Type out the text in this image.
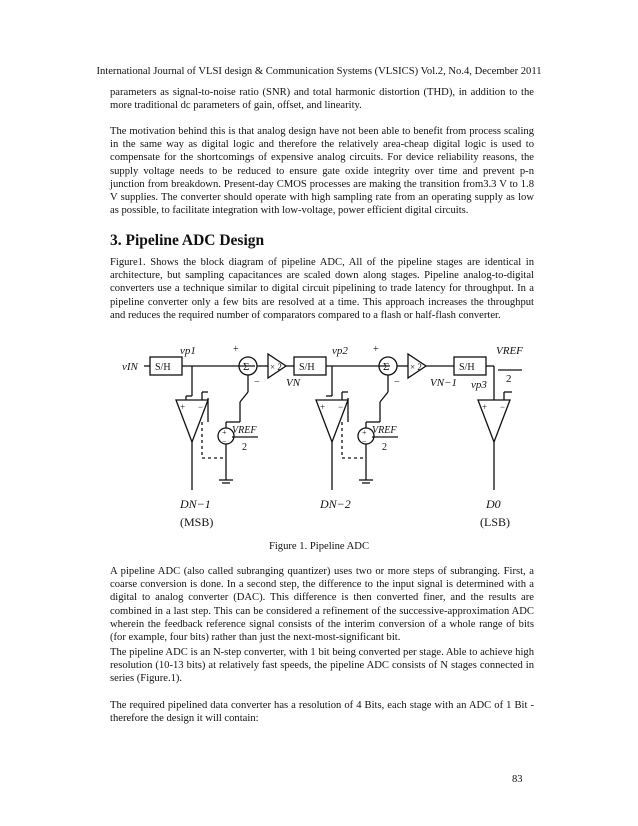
International Journal of VLSI design & Communication Systems (VLSICS) Vol.2, No.4, December 2011

parameters as signal-to-noise ratio (SNR) and total harmonic distortion (THD), in addition to the more traditional dc parameters of gain, offset, and linearity.

The motivation behind this is that analog design have not been able to benefit from process scaling in the same way as digital logic and therefore the relatively area-cheap digital logic is used to compensate for the shortcomings of expensive analog circuits. For device reliability reasons, the supply voltage needs to be reduced to ensure gate oxide integrity over time and prevent p-n junction from breakdown. Present-day CMOS processes are making the transition from3.3 V to 1.8 V supplies. The converter should operate with high sampling rate from an operating supply as low as possible, to facilitate integration with low-voltage, power efficient digital circuits.

3. Pipeline ADC Design

Figure1. Shows the block diagram of pipeline ADC, All of the pipeline stages are identical in architecture, but sampling capacitances are scaled down along stages. Pipeline analog-to-digital converters use a technique similar to digital circuit pipelining to trade latency for throughput. In a pipeline converter only a few bits are resolved at a time. This approach increases the throughput and reduces the required number of comparators compared to a flash or half-flash converter.

vIN S/H	S/H	S/H
vp1	vp2
vp3
Σ	Σ
× 2	× 2
+	+
−	−
+ −	+ −	+ −
+
−
+
−
VN	VN−1
VREF
2
VREF
2
VREF
2
DN−1
(MSB)
DN−2	D0
(LSB)
Figure 1. Pipeline ADC

A pipeline ADC (also called subranging quantizer) uses two or more steps of subranging. First, a coarse conversion is done. In a second step, the difference to the input signal is determined with a digital to analog converter (DAC). This difference is then converted finer, and the results are combined in a last step. This can be considered a refinement of the successive-approximation ADC wherein the feedback reference signal consists of the interim conversion of a whole range of bits (for example, four bits) rather than just the next-most-significant bit.

The pipeline ADC is an N-step converter, with 1 bit being converted per stage. Able to achieve high resolution (10-13 bits) at relatively fast speeds, the pipeline ADC consists of N stages connected in series (Figure.1).

The required pipelined data converter has a resolution of 4 Bits, each stage with an ADC of 1 Bit - therefore the design it will contain:

83
